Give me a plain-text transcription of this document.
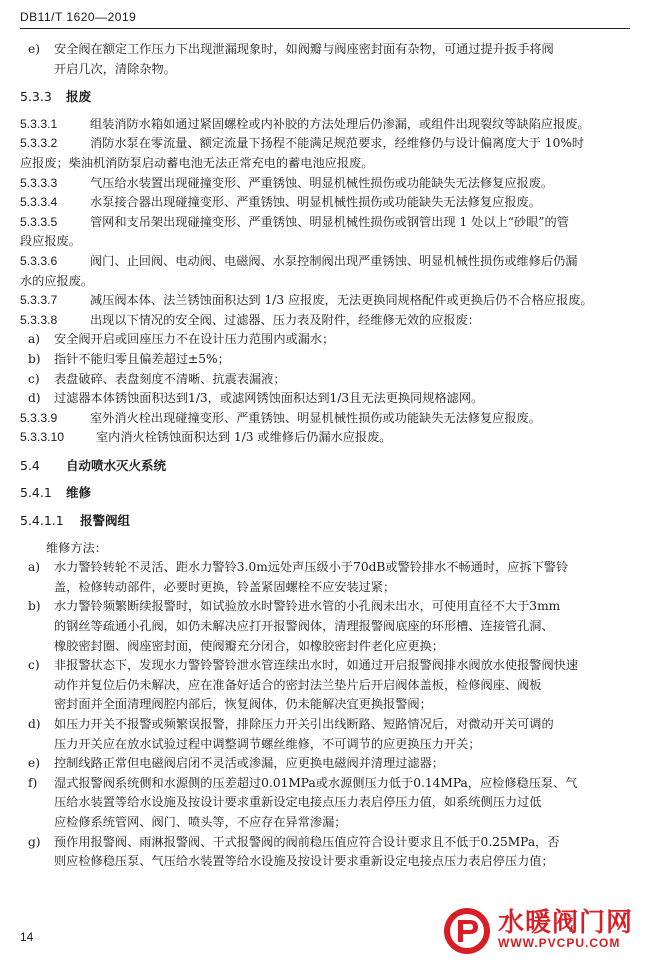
DB11/T 1620—2019
e)	安全阀在额定工作压力下出现泄漏现象时，如阀瓣与阀座密封面有杂物，可通过提升扳手将阀
开启几次，清除杂物。
5.3.3 报废
5.3.3.1	组装消防水箱如通过紧固螺栓或内补胶的方法处理后仍渗漏，或组件出现裂纹等缺陷应报废。
5.3.3.2	消防水泵在零流量、额定流量下扬程不能满足规范要求，经维修仍与设计偏离度大于 10%时
应报废；柴油机消防泵启动蓄电池无法正常充电的蓄电池应报废。
5.3.3.3	气压给水装置出现碰撞变形、严重锈蚀、明显机械性损伤或功能缺失无法修复应报废。
5.3.3.4	水泵接合器出现碰撞变形、严重锈蚀、明显机械性损伤或功能缺失无法修复应报废。
5.3.3.5	管网和支吊架出现碰撞变形、严重锈蚀、明显机械性损伤或钢管出现 1 处以上“砂眼”的管
段应报废。
5.3.3.6	阀门、止回阀、电动阀、电磁阀、水泵控制阀出现严重锈蚀、明显机械性损伤或维修后仍漏
水的应报废。
5.3.3.7	减压阀本体、法兰锈蚀面积达到 1/3 应报废，无法更换同规格配件或更换后仍不合格应报废。
5.3.3.8	出现以下情况的安全阀、过滤器、压力表及附件，经维修无效的应报废：
a)	安全阀开启或回座压力不在设计压力范围内或漏水；
b)	指针不能归零且偏差超过±5%；
c)	表盘破碎、表盘刻度不清晰、抗震表漏液；
d)	过滤器本体锈蚀面积达到1/3，或滤网锈蚀面积达到1/3且无法更换同规格滤网。
5.3.3.9	室外消火栓出现碰撞变形、严重锈蚀、明显机械性损伤或功能缺失无法修复应报废。
5.3.3.10	室内消火栓锈蚀面积达到 1/3 或维修后仍漏水应报废。
5.4 自动喷水灭火系统
5.4.1 维修
5.4.1.1 报警阀组
维修方法：
a)	水力警铃转轮不灵活、距水力警铃3.0m远处声压级小于70dB或警铃排水不畅通时，应拆下警铃
盖，检修转动部件，必要时更换，铃盖紧固螺栓不应安装过紧；
b)	水力警铃频繁断续报警时，如试验放水时警铃进水管的小孔阀未出水，可使用直径不大于3mm
的钢丝等疏通小孔阀，如仍未解决应打开报警阀体，清理报警阀底座的环形槽、连接管孔洞、
橡胶密封圈、阀座密封面，使阀瓣充分闭合，如橡胶密封件老化应更换；
c)	非报警状态下，发现水力警铃警铃泄水管连续出水时，如通过开启报警阀排水阀放水使报警阀快速
动作并复位后仍未解决，应在准备好适合的密封法兰垫片后开启阀体盖板，检修阀座、阀板
密封面并全面清理阀腔内部后，恢复阀体，仍未能解决宜更换报警阀；
d)	如压力开关不报警或频繁误报警，排除压力开关引出线断路、短路情况后，对微动开关可调的
压力开关应在放水试验过程中调整调节螺丝维修，不可调节的应更换压力开关；
e)	控制线路正常但电磁阀启闭不灵活或渗漏，应更换电磁阀并清理过滤器；
f)	湿式报警阀系统侧和水源侧的压差超过0.01MPa或水源侧压力低于0.14MPa，应检修稳压泵、气
压给水装置等给水设施及按设计要求重新设定电接点压力表启停压力值，如系统侧压力过低
应检修系统管网、阀门、喷头等，不应存在异常渗漏；
g)	预作用报警阀、雨淋报警阀、干式报警阀的阀前稳压值应符合设计要求且不低于0.25MPa，否
则应检修稳压泵、气压给水装置等给水设施及按设计要求重新设定电接点压力表启停压力值；
14	水暖阀门网
WWW.PVCPU.COM
